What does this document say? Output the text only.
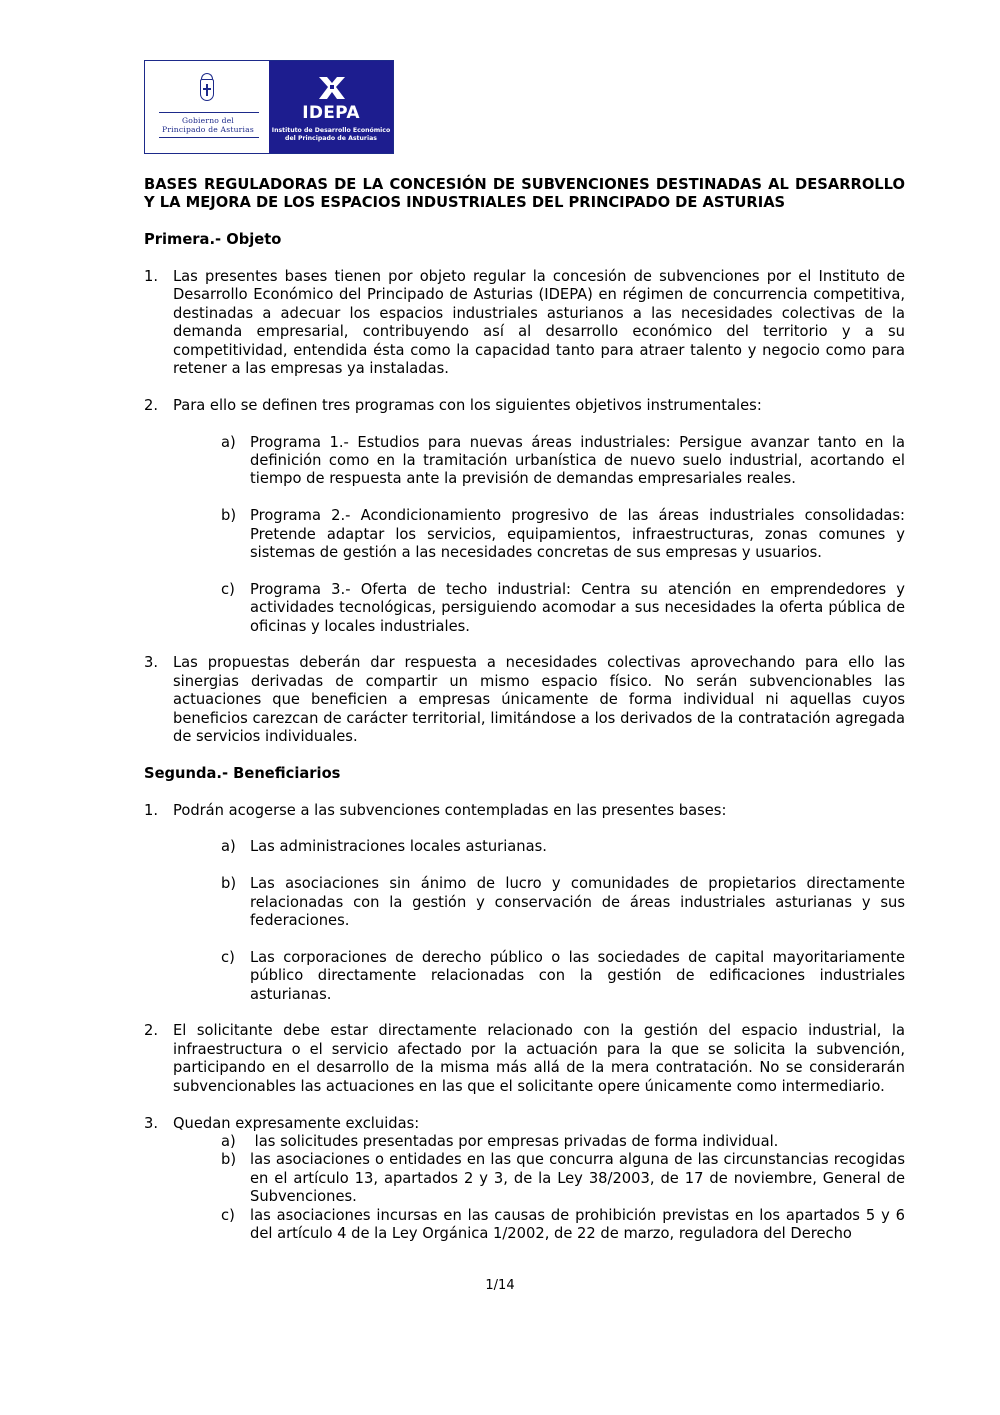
Gobierno del
Principado de Asturias
IDEPA
Instituto de Desarrollo Económico
del Principado de Asturias

BASES REGULADORAS DE LA CONCESIÓN DE SUBVENCIONES DESTINADAS AL DESARROLLO Y LA MEJORA DE LOS ESPACIOS INDUSTRIALES DEL PRINCIPADO DE ASTURIAS

Primera.- Objeto

1.	Las presentes bases tienen por objeto regular la concesión de subvenciones por el Instituto de Desarrollo Económico del Principado de Asturias (IDEPA) en régimen de concurrencia competitiva, destinadas a adecuar los espacios industriales asturianos a las necesidades colectivas de la demanda empresarial, contribuyendo así al desarrollo económico del territorio y a su competitividad, entendida ésta como la capacidad tanto para atraer talento y negocio como para retener a las empresas ya instaladas.
2.	Para ello se definen tres programas con los siguientes objetivos instrumentales:
a) Programa 1.- Estudios para nuevas áreas industriales: Persigue avanzar tanto en la definición como en la tramitación urbanística de nuevo suelo industrial, acortando el tiempo de respuesta ante la previsión de demandas empresariales reales.
b) Programa 2.- Acondicionamiento progresivo de las áreas industriales consolidadas: Pretende adaptar los servicios, equipamientos, infraestructuras, zonas comunes y sistemas de gestión a las necesidades concretas de sus empresas y usuarios.
c)	Programa 3.- Oferta de techo industrial: Centra su atención en emprendedores y actividades tecnológicas, persiguiendo acomodar a sus necesidades la oferta pública de oficinas y locales industriales.
3.	Las propuestas deberán dar respuesta a necesidades colectivas aprovechando para ello las sinergias derivadas de compartir un mismo espacio físico. No serán subvencionables las actuaciones que beneficien a empresas únicamente de forma individual ni aquellas cuyos beneficios carezcan de carácter territorial, limitándose a los derivados de la contratación agregada de servicios individuales.

Segunda.- Beneficiarios

1.	Podrán acogerse a las subvenciones contempladas en las presentes bases:
a) Las administraciones locales asturianas.
b) Las asociaciones sin ánimo de lucro y comunidades de propietarios directamente relacionadas con la gestión y conservación de áreas industriales asturianas y sus federaciones.
c)	Las corporaciones de derecho público o las sociedades de capital mayoritariamente público directamente relacionadas con la gestión de edificaciones industriales asturianas.
2.	El solicitante debe estar directamente relacionado con la gestión del espacio industrial, la infraestructura o el servicio afectado por la actuación para la que se solicita la subvención, participando en el desarrollo de la misma más allá de la mera contratación. No se considerarán subvencionables las actuaciones en las que el solicitante opere únicamente como intermediario.
3.	Quedan expresamente excluidas:
a) las solicitudes presentadas por empresas privadas de forma individual.
b) las asociaciones o entidades en las que concurra alguna de las circunstancias recogidas en el artículo 13, apartados 2 y 3, de la Ley 38/2003, de 17 de noviembre, General de Subvenciones.
c)	las asociaciones incursas en las causas de prohibición previstas en los apartados 5 y 6 del artículo 4 de la Ley Orgánica 1/2002, de 22 de marzo, reguladora del Derecho
1/14
